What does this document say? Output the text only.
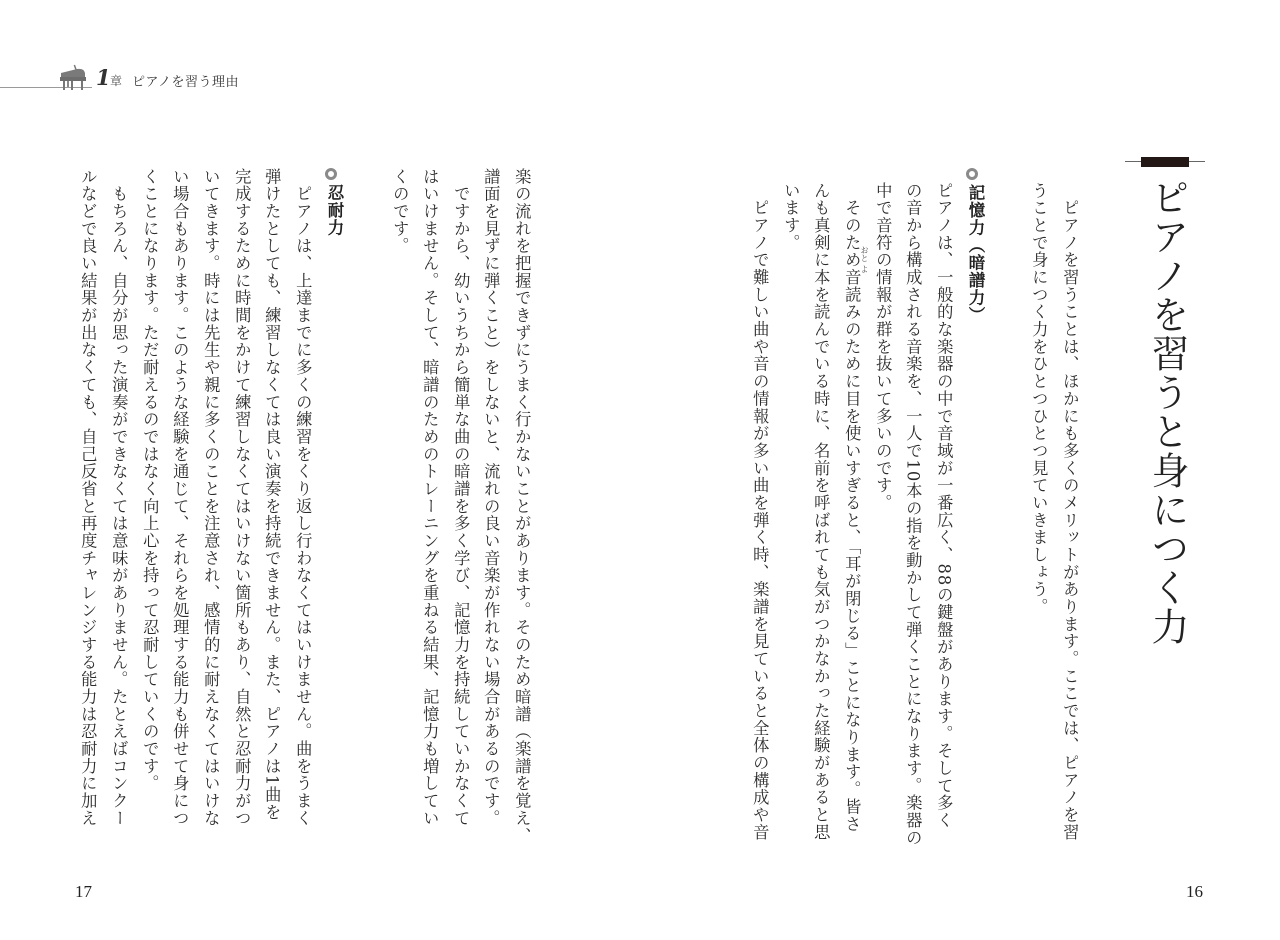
1 章 ピアノを習う理由
ピアノを習うと身につく力
　ピアノを習うことは、ほかにも多くのメリットがあります。ここでは、ピアノを習
うことで身につく力をひとつひとつ見ていきましょう。
記憶力（暗譜力）
ピアノは、一般的な楽器の中で音域が一番広く、88の鍵盤があります。そして多く
の音から構成される音楽を、一人で10本の指を動かして弾くことになります。楽器の
中で音符の情報が群を抜いて多いのです。
　そのため音読みのために目を使いすぎると、「耳が閉じる」ことになります。皆さ
おと
よ
んも真剣に本を読んでいる時に、名前を呼ばれても気がつかなかった経験があると思
います。
　ピアノで難しい曲や音の情報が多い曲を弾く時、楽譜を見ていると全体の構成や音
16
楽の流れを把握できずにうまく行かないことがあります。そのため暗譜（楽譜を覚え、
譜面を見ずに弾くこと）をしないと、流れの良い音楽が作れない場合があるのです。
　ですから、幼いうちから簡単な曲の暗譜を多く学び、記憶力を持続していかなくて
はいけません。そして、暗譜のためのトレーニングを重ねる結果、記憶力も増してい
くのです。
忍耐力
　ピアノは、上達までに多くの練習をくり返し行わなくてはいけません。曲をうまく
弾けたとしても、練習しなくては良い演奏を持続できません。また、ピアノは1曲を
完成するために時間をかけて練習しなくてはいけない箇所もあり、自然と忍耐力がつ
いてきます。時には先生や親に多くのことを注意され、感情的に耐えなくてはいけな
い場合もあります。このような経験を通じて、それらを処理する能力も併せて身につ
くことになります。ただ耐えるのではなく向上心を持って忍耐していくのです。
　もちろん、自分が思った演奏ができなくては意味がありません。たとえばコンクー
ルなどで良い結果が出なくても、自己反省と再度チャレンジする能力は忍耐力に加え
17
